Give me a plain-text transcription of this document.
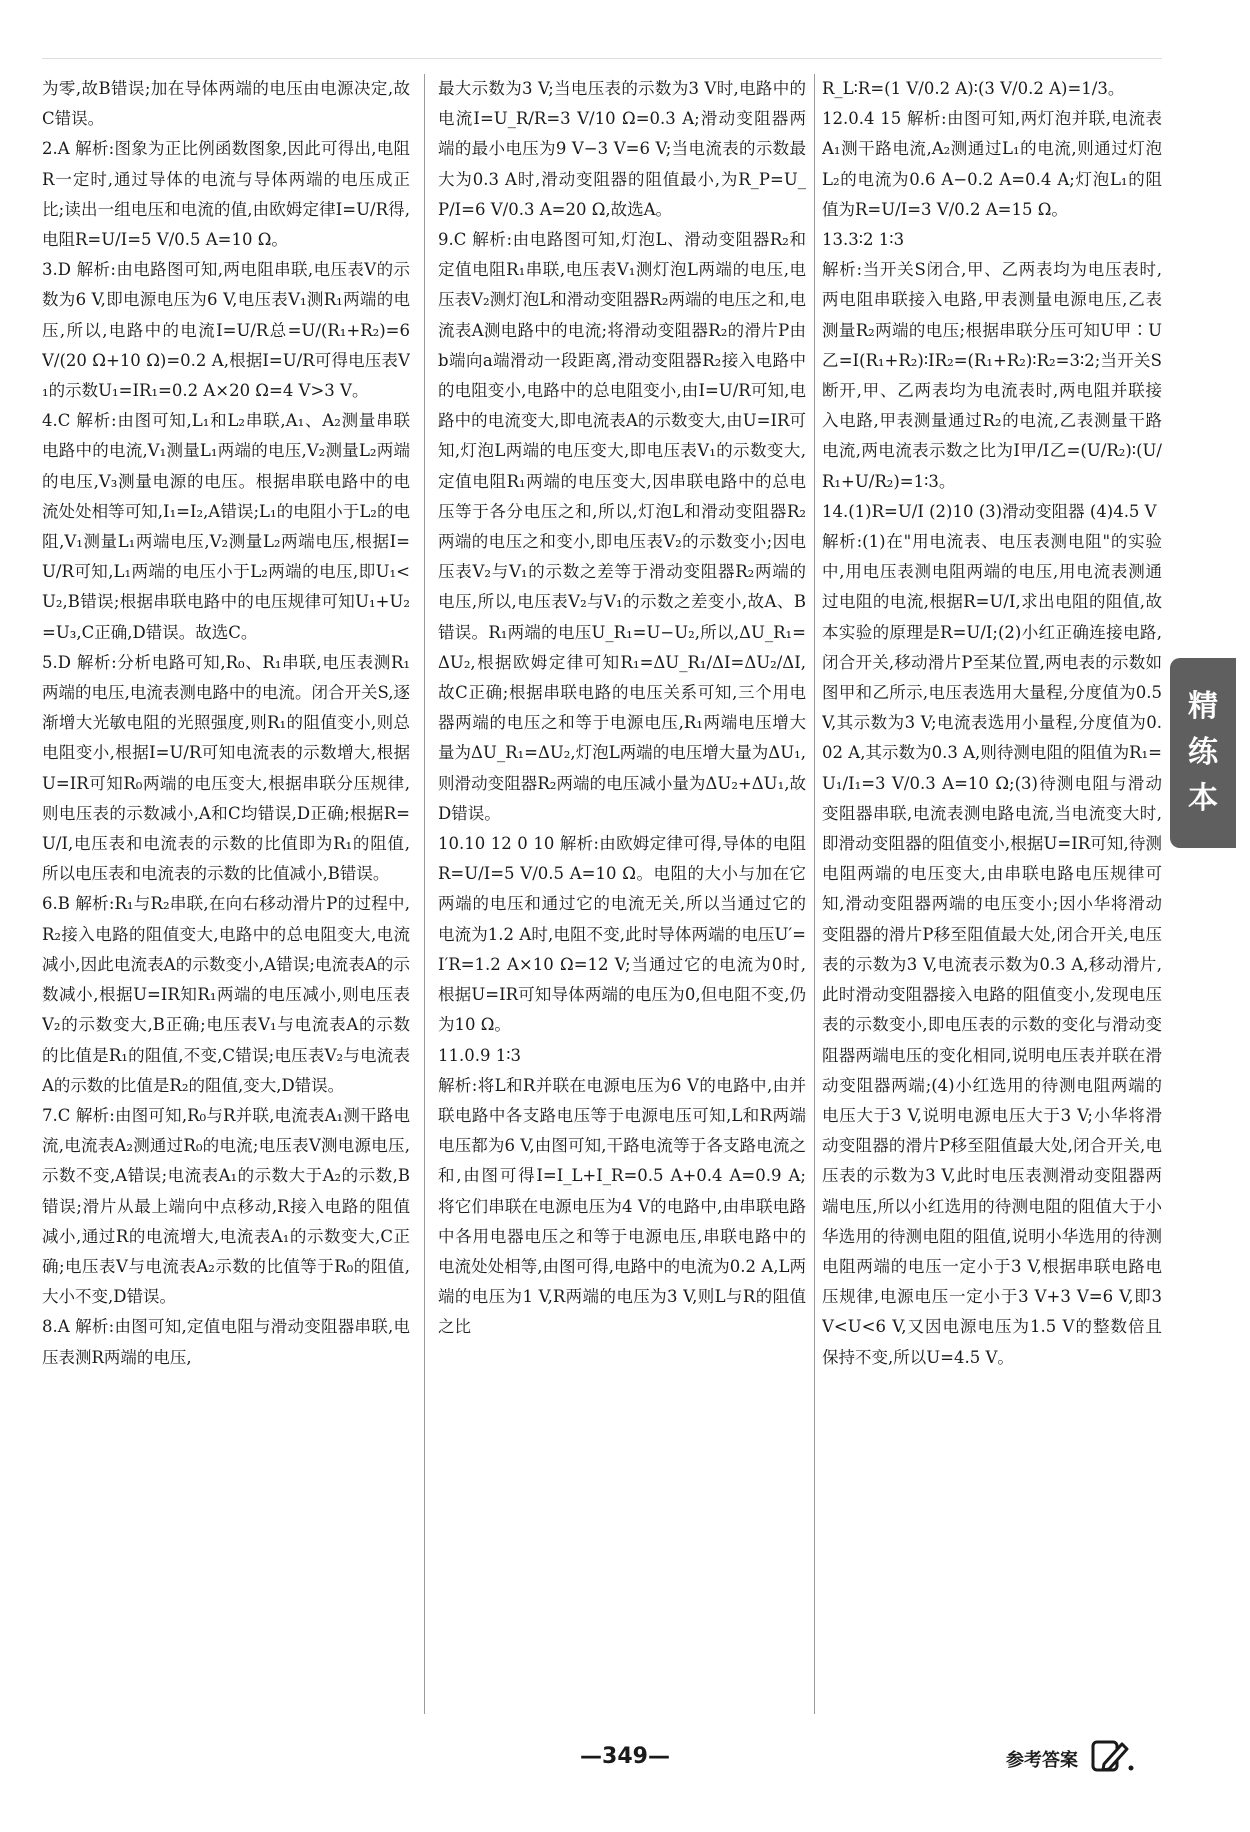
为零,故B错误;加在导体两端的电压由电源决定,故C错误。

2.A 解析:图象为正比例函数图象,因此可得出,电阻R一定时,通过导体的电流与导体两端的电压成正比;读出一组电压和电流的值,由欧姆定律I=U/R得,电阻R=U/I=5 V/0.5 A=10 Ω。

3.D 解析:由电路图可知,两电阻串联,电压表V的示数为6 V,即电源电压为6 V,电压表V₁测R₁两端的电压,所以,电路中的电流I=U/R总=U/(R₁+R₂)=6 V/(20 Ω+10 Ω)=0.2 A,根据I=U/R可得电压表V₁的示数U₁=IR₁=0.2 A×20 Ω=4 V>3 V。

4.C 解析:由图可知,L₁和L₂串联,A₁、A₂测量串联电路中的电流,V₁测量L₁两端的电压,V₂测量L₂两端的电压,V₃测量电源的电压。根据串联电路中的电流处处相等可知,I₁=I₂,A错误;L₁的电阻小于L₂的电阻,V₁测量L₁两端电压,V₂测量L₂两端电压,根据I=U/R可知,L₁两端的电压小于L₂两端的电压,即U₁<U₂,B错误;根据串联电路中的电压规律可知U₁+U₂=U₃,C正确,D错误。故选C。

5.D 解析:分析电路可知,R₀、R₁串联,电压表测R₁两端的电压,电流表测电路中的电流。闭合开关S,逐渐增大光敏电阻的光照强度,则R₁的阻值变小,则总电阻变小,根据I=U/R可知电流表的示数增大,根据U=IR可知R₀两端的电压变大,根据串联分压规律,则电压表的示数减小,A和C均错误,D正确;根据R=U/I,电压表和电流表的示数的比值即为R₁的阻值,所以电压表和电流表的示数的比值减小,B错误。

6.B 解析:R₁与R₂串联,在向右移动滑片P的过程中,R₂接入电路的阻值变大,电路中的总电阻变大,电流减小,因此电流表A的示数变小,A错误;电流表A的示数减小,根据U=IR知R₁两端的电压减小,则电压表V₂的示数变大,B正确;电压表V₁与电流表A的示数的比值是R₁的阻值,不变,C错误;电压表V₂与电流表A的示数的比值是R₂的阻值,变大,D错误。

7.C 解析:由图可知,R₀与R并联,电流表A₁测干路电流,电流表A₂测通过R₀的电流;电压表V测电源电压,示数不变,A错误;电流表A₁的示数大于A₂的示数,B错误;滑片从最上端向中点移动,R接入电路的阻值减小,通过R的电流增大,电流表A₁的示数变大,C正确;电压表V与电流表A₂示数的比值等于R₀的阻值,大小不变,D错误。

8.A 解析:由图可知,定值电阻与滑动变阻器串联,电压表测R两端的电压,

最大示数为3 V;当电压表的示数为3 V时,电路中的电流I=U_R/R=3 V/10 Ω=0.3 A;滑动变阻器两端的最小电压为9 V−3 V=6 V;当电流表的示数最大为0.3 A时,滑动变阻器的阻值最小,为R_P=U_P/I=6 V/0.3 A=20 Ω,故选A。

9.C 解析:由电路图可知,灯泡L、滑动变阻器R₂和定值电阻R₁串联,电压表V₁测灯泡L两端的电压,电压表V₂测灯泡L和滑动变阻器R₂两端的电压之和,电流表A测电路中的电流;将滑动变阻器R₂的滑片P由b端向a端滑动一段距离,滑动变阻器R₂接入电路中的电阻变小,电路中的总电阻变小,由I=U/R可知,电路中的电流变大,即电流表A的示数变大,由U=IR可知,灯泡L两端的电压变大,即电压表V₁的示数变大,定值电阻R₁两端的电压变大,因串联电路中的总电压等于各分电压之和,所以,灯泡L和滑动变阻器R₂两端的电压之和变小,即电压表V₂的示数变小;因电压表V₂与V₁的示数之差等于滑动变阻器R₂两端的电压,所以,电压表V₂与V₁的示数之差变小,故A、B错误。R₁两端的电压U_R₁=U−U₂,所以,ΔU_R₁=ΔU₂,根据欧姆定律可知R₁=ΔU_R₁/ΔI=ΔU₂/ΔI,故C正确;根据串联电路的电压关系可知,三个用电器两端的电压之和等于电源电压,R₁两端电压增大量为ΔU_R₁=ΔU₂,灯泡L两端的电压增大量为ΔU₁,则滑动变阻器R₂两端的电压减小量为ΔU₂+ΔU₁,故D错误。

10.10 12 0 10 解析:由欧姆定律可得,导体的电阻R=U/I=5 V/0.5 A=10 Ω。电阻的大小与加在它两端的电压和通过它的电流无关,所以当通过它的电流为1.2 A时,电阻不变,此时导体两端的电压U′=I′R=1.2 A×10 Ω=12 V;当通过它的电流为0时,根据U=IR可知导体两端的电压为0,但电阻不变,仍为10 Ω。

11.0.9 1∶3

解析:将L和R并联在电源电压为6 V的电路中,由并联电路中各支路电压等于电源电压可知,L和R两端电压都为6 V,由图可知,干路电流等于各支路电流之和,由图可得I=I_L+I_R=0.5 A+0.4 A=0.9 A;将它们串联在电源电压为4 V的电路中,由串联电路中各用电器电压之和等于电源电压,串联电路中的电流处处相等,由图可得,电路中的电流为0.2 A,L两端的电压为1 V,R两端的电压为3 V,则L与R的阻值之比

R_L∶R=(1 V/0.2 A)∶(3 V/0.2 A)=1/3。

12.0.4 15 解析:由图可知,两灯泡并联,电流表A₁测干路电流,A₂测通过L₁的电流,则通过灯泡L₂的电流为0.6 A−0.2 A=0.4 A;灯泡L₁的阻值为R=U/I=3 V/0.2 A=15 Ω。

13.3∶2 1∶3

解析:当开关S闭合,甲、乙两表均为电压表时,两电阻串联接入电路,甲表测量电源电压,乙表测量R₂两端的电压;根据串联分压可知U甲∶U乙=I(R₁+R₂)∶IR₂=(R₁+R₂)∶R₂=3∶2;当开关S断开,甲、乙两表均为电流表时,两电阻并联接入电路,甲表测量通过R₂的电流,乙表测量干路电流,两电流表示数之比为I甲/I乙=(U/R₂)∶(U/R₁+U/R₂)=1∶3。

14.(1)R=U/I (2)10 (3)滑动变阻器 (4)4.5 V

解析:(1)在"用电流表、电压表测电阻"的实验中,用电压表测电阻两端的电压,用电流表测通过电阻的电流,根据R=U/I,求出电阻的阻值,故本实验的原理是R=U/I;(2)小红正确连接电路,闭合开关,移动滑片P至某位置,两电表的示数如图甲和乙所示,电压表选用大量程,分度值为0.5 V,其示数为3 V;电流表选用小量程,分度值为0.02 A,其示数为0.3 A,则待测电阻的阻值为R₁=U₁/I₁=3 V/0.3 A=10 Ω;(3)待测电阻与滑动变阻器串联,电流表测电路电流,当电流变大时,即滑动变阻器的阻值变小,根据U=IR可知,待测电阻两端的电压变大,由串联电路电压规律可知,滑动变阻器两端的电压变小;因小华将滑动变阻器的滑片P移至阻值最大处,闭合开关,电压表的示数为3 V,电流表示数为0.3 A,移动滑片,此时滑动变阻器接入电路的阻值变小,发现电压表的示数变小,即电压表的示数的变化与滑动变阻器两端电压的变化相同,说明电压表并联在滑动变阻器两端;(4)小红选用的待测电阻两端的电压大于3 V,说明电源电压大于3 V;小华将滑动变阻器的滑片P移至阻值最大处,闭合开关,电压表的示数为3 V,此时电压表测滑动变阻器两端电压,所以小红选用的待测电阻的阻值大于小华选用的待测电阻的阻值,说明小华选用的待测电阻两端的电压一定小于3 V,根据串联电路电压规律,电源电压一定小于3 V+3 V=6 V,即3 V<U<6 V,又因电源电压为1.5 V的整数倍且保持不变,所以U=4.5 V。

精
练
本
—349—	参考答案
